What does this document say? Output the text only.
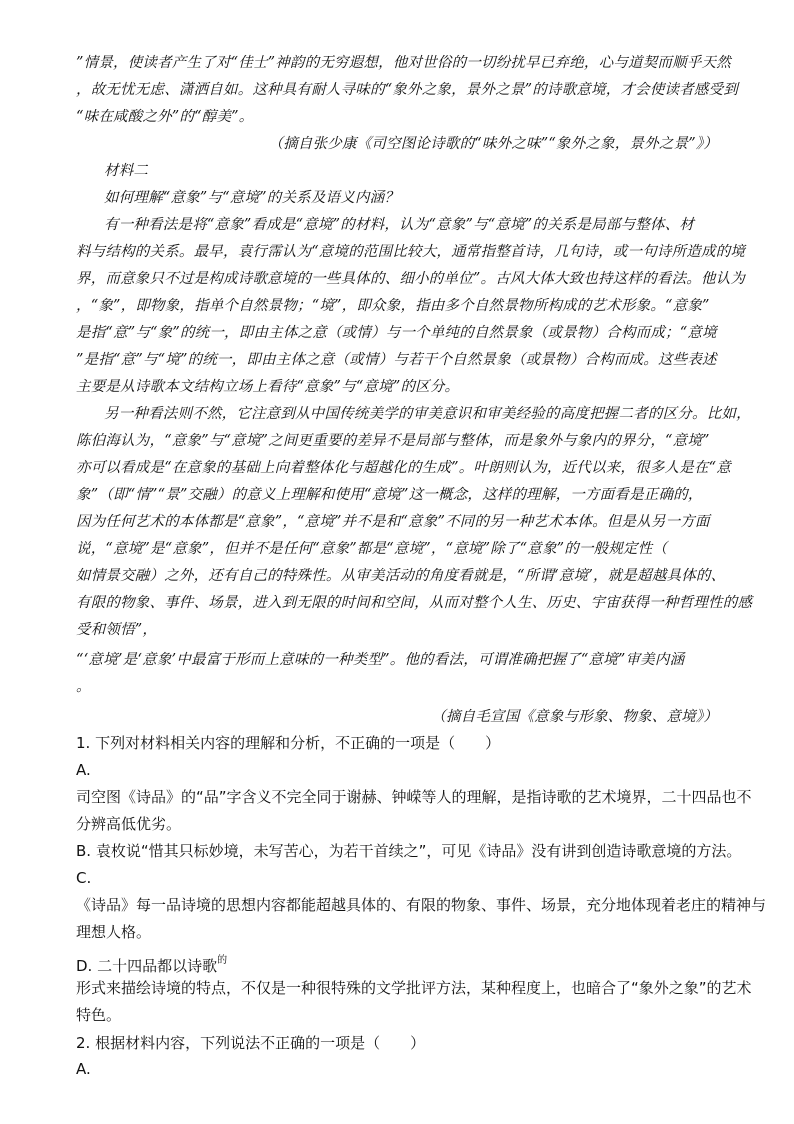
”情景，使读者产生了对“佳士”神韵的无穷遐想，他对世俗的一切纷扰早已弃绝，心与道契而顺乎天然
，故无忧无虑、潇洒自如。这种具有耐人寻味的“象外之象，景外之景”的诗歌意境，才会使读者感受到
“味在咸酸之外”的“醇美”。
（摘自张少康《司空图论诗歌的“味外之味”“象外之象，景外之景”》）
材料二
如何理解“意象”与“意境”的关系及语义内涵？
有一种看法是将“意象”看成是“意境”的材料，认为“意象”与“意境”的关系是局部与整体、材
料与结构的关系。最早，袁行霈认为“意境的范围比较大，通常指整首诗，几句诗，或一句诗所造成的境
界，而意象只不过是构成诗歌意境的一些具体的、细小的单位”。古风大体大致也持这样的看法。他认为
，“象”，即物象，指单个自然景物；“境”，即众象，指由多个自然景物所构成的艺术形象。“意象”
是指“意”与“象”的统一，即由主体之意（或情）与一个单纯的自然景象（或景物）合构而成；“意境
”是指“意”与“境”的统一，即由主体之意（或情）与若干个自然景象（或景物）合构而成。这些表述
主要是从诗歌本文结构立场上看待“意象”与“意境”的区分。
另一种看法则不然，它注意到从中国传统美学的审美意识和审美经验的高度把握二者的区分。比如，
陈伯海认为，“意象”与“意境”之间更重要的差异不是局部与整体，而是象外与象内的界分，“意境”
亦可以看成是“在意象的基础上向着整体化与超越化的生成”。叶朗则认为，近代以来，很多人是在“意
象”（即“情”“景”交融）的意义上理解和使用“意境”这一概念，这样的理解，一方面看是正确的，
因为任何艺术的本体都是“意象”，“意境”并不是和“意象”不同的另一种艺术本体。但是从另一方面
说，“意境”是“意象”，但并不是任何“意象”都是“意境”，“意境”除了“意象”的一般规定性（
如情景交融）之外，还有自己的特殊性。从审美活动的角度看就是，“所谓‘意境’，就是超越具体的、
有限的物象、事件、场景，进入到无限的时间和空间，从而对整个人生、历史、宇宙获得一种哲理性的感
受和领悟”，
“‘意境’是‘意象’中最富于形而上意味的一种类型”。他的看法，可谓准确把握了“意境”审美内涵
。
（摘自毛宣国《意象与形象、物象、意境》）
1. 下列对材料相关内容的理解和分析，不正确的一项是（　　）
A.
司空图《诗品》的“品”字含义不完全同于谢赫、钟嵘等人的理解，是指诗歌的艺术境界，二十四品也不
分辨高低优劣。
B. 袁枚说“惜其只标妙境，未写苦心，为若干首续之”，可见《诗品》没有讲到创造诗歌意境的方法。
C.
《诗品》每一品诗境的思想内容都能超越具体的、有限的物象、事件、场景，充分地体现着老庄的精神与
理想人格。
D. 二十四品都以诗歌$^的$
形式来描绘诗境的特点，不仅是一种很特殊的文学批评方法，某种程度上，也暗合了“象外之象”的艺术
特色。
2. 根据材料内容，下列说法不正确的一项是（　　）
A.
